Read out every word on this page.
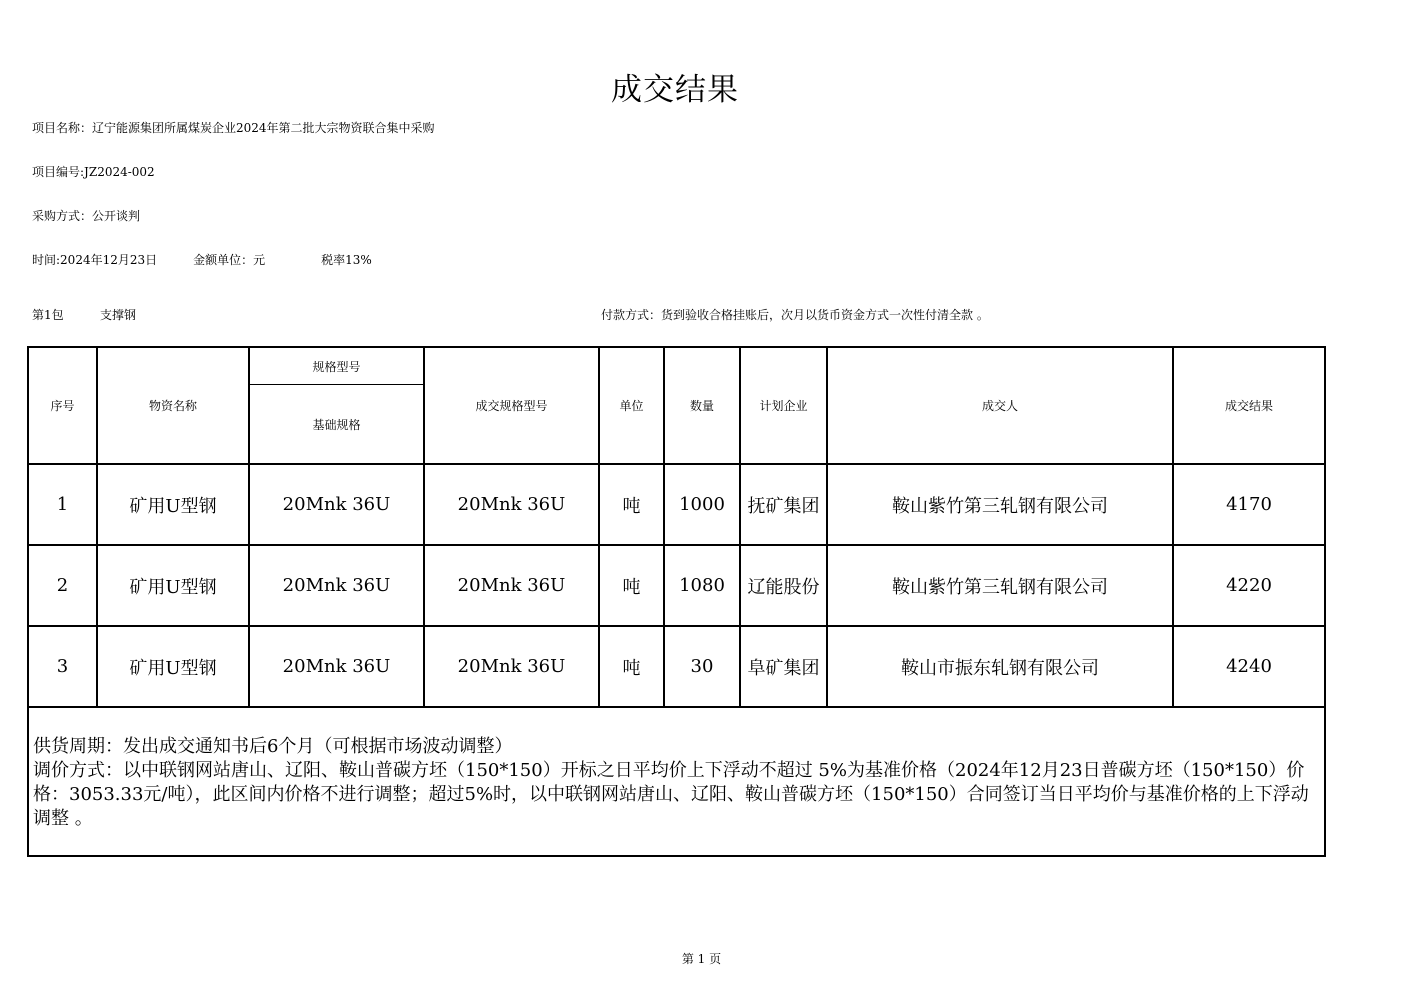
成交结果
项目名称：辽宁能源集团所属煤炭企业2024年第二批大宗物资联合集中采购
项目编号:JZ2024-002
采购方式：公开谈判
时间:2024年12月23日	金额单位：元	税率13%
第1包	支撑钢	付款方式：货到验收合格挂账后，次月以货币资金方式一次性付清全款 。
序号	物资名称	规格型号	成交规格型号	单位	数量	计划企业	成交人	成交结果
		基础规格						
1	矿用U型钢	20Mnk 36U	20Mnk 36U	吨	1000	抚矿集团	鞍山紫竹第三轧钢有限公司	4170
2	矿用U型钢	20Mnk 36U	20Mnk 36U	吨	1080	辽能股份	鞍山紫竹第三轧钢有限公司	4220
3	矿用U型钢	20Mnk 36U	20Mnk 36U	吨	30	阜矿集团	鞍山市振东轧钢有限公司	4240

供货周期：发出成交通知书后6个月（可根据市场波动调整）
调价方式：以中联钢网站唐山、辽阳、鞍山普碳方坯（150*150）开标之日平均价上下浮动不超过 5%为基准价格（2024年12月23日普碳方坯（150*150）价格：3053.33元/吨），此区间内价格不进行调整；超过5%时，以中联钢网站唐山、辽阳、鞍山普碳方坯（150*150）合同签订当日平均价与基准价格的上下浮动调整 。								
第 1 页
